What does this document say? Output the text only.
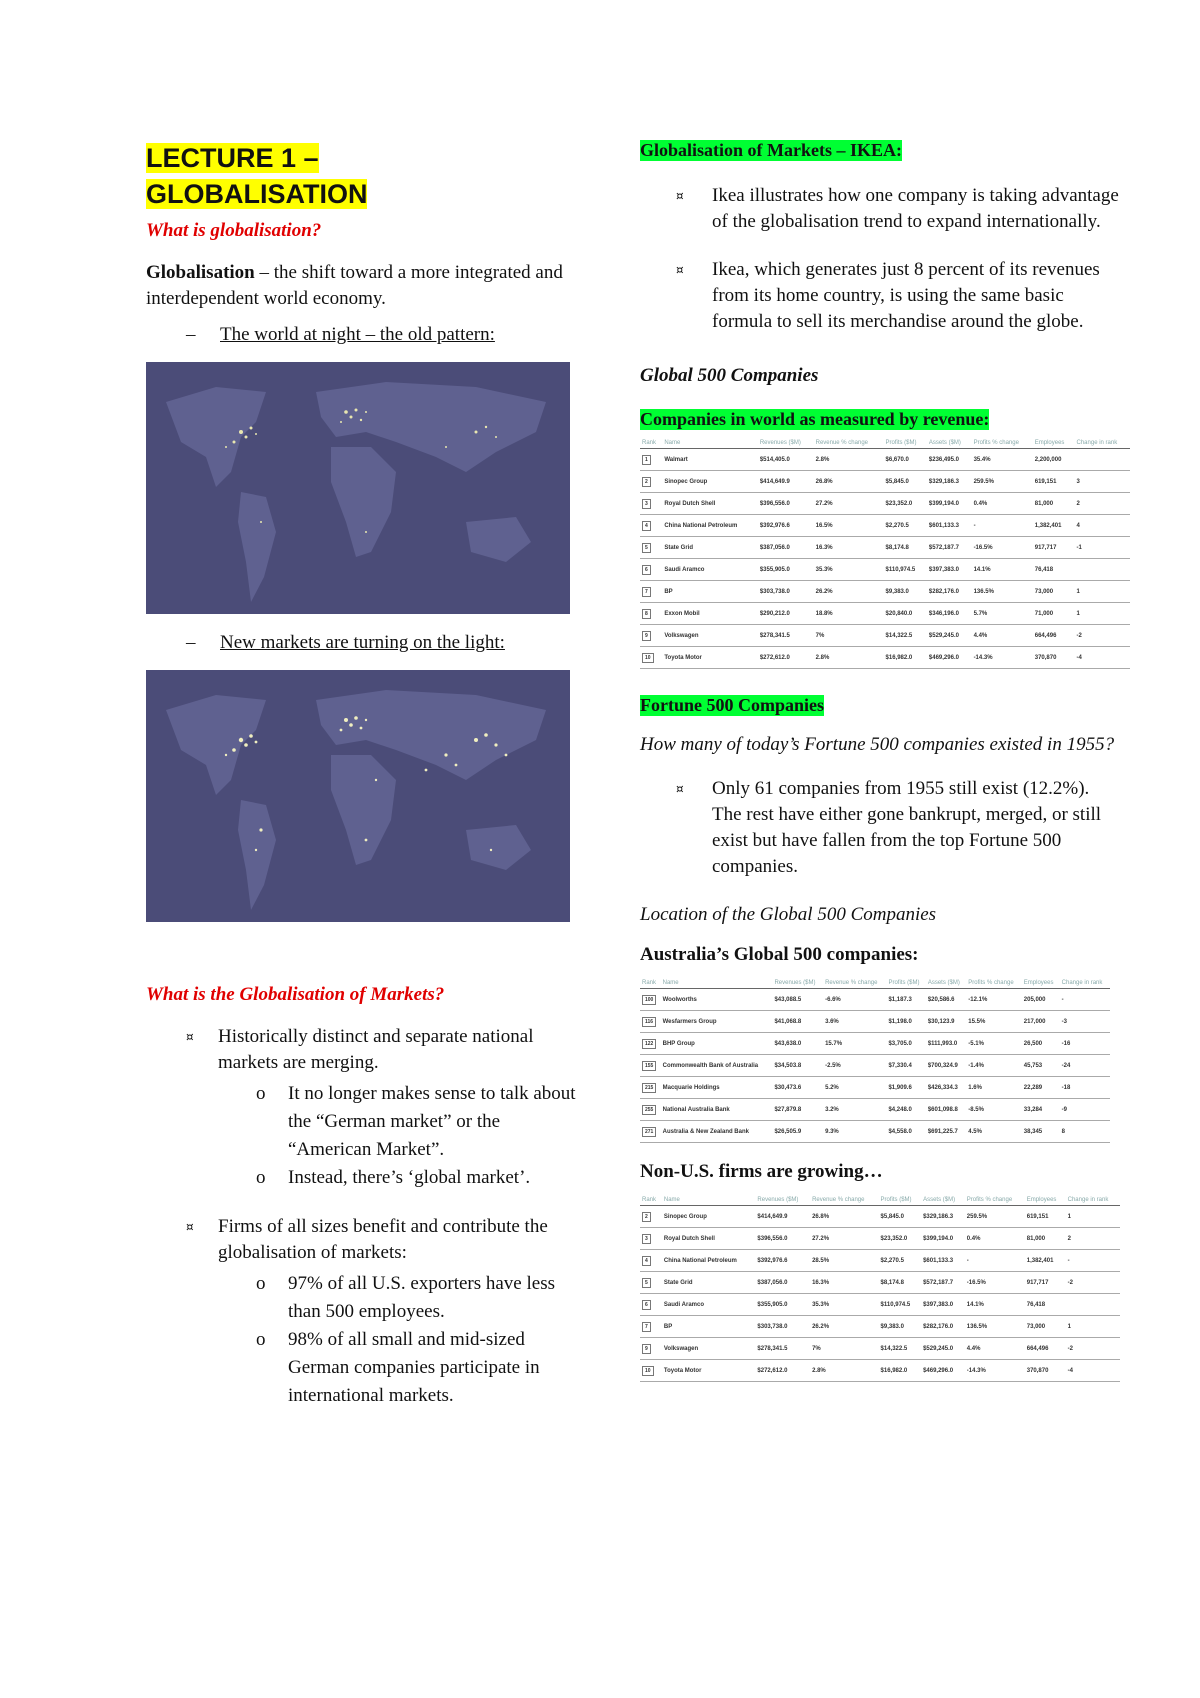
LECTURE 1 –
GLOBALISATION
What is globalisation?

Globalisation – the shift toward a more integrated and interdependent world economy.

–	The world at night – the old pattern:
–	New markets are turning on the light:
What is the Globalisation of Markets?
¤ Historically distinct and separate national markets are merging.
o It no longer makes sense to talk about the “German market” or the “American Market”.
o Instead, there’s ‘global market’.
¤ Firms of all sizes benefit and contribute the globalisation of markets:
o 97% of all U.S. exporters have less than 500 employees.
o 98% of all small and mid-sized German companies participate in international markets.
Globalisation of Markets – IKEA:
¤ Ikea illustrates how one company is taking advantage of the globalisation trend to expand internationally.
¤ Ikea, which generates just 8 percent of its revenues from its home country, is using the same basic formula to sell its merchandise around the globe.
Global 500 Companies
Companies in world as measured by revenue:
Rank	Name	Revenues ($M)	Revenue % change	Profits ($M)	Assets ($M)	Profits % change	Employees	Change in rank
1	Walmart	$514,405.0	2.8%	$6,670.0	$236,495.0	35.4%	2,200,000	
2	Sinopec Group	$414,649.9	26.8%	$5,845.0	$329,186.3	259.5%	619,151	3
3	Royal Dutch Shell	$396,556.0	27.2%	$23,352.0	$399,194.0	0.4%	81,000	2
4	China National Petroleum	$392,976.6	16.5%	$2,270.5	$601,133.3	-	1,382,401	4
5	State Grid	$387,056.0	16.3%	$8,174.8	$572,187.7	-16.5%	917,717	-1
6	Saudi Aramco	$355,905.0	35.3%	$110,974.5	$397,383.0	14.1%	76,418	
7	BP	$303,738.0	26.2%	$9,383.0	$282,176.0	136.5%	73,000	1
8	Exxon Mobil	$290,212.0	18.8%	$20,840.0	$346,196.0	5.7%	71,000	1
9	Volkswagen	$278,341.5	7%	$14,322.5	$529,245.0	4.4%	664,496	-2
10	Toyota Motor	$272,612.0	2.8%	$16,982.0	$469,296.0	-14.3%	370,870	-4
Fortune 500 Companies

How many of today’s Fortune 500 companies existed in 1955?

¤ Only 61 companies from 1955 still exist (12.2%). The rest have either gone bankrupt, merged, or still exist but have fallen from the top Fortune 500 companies.

Location of the Global 500 Companies

Australia’s Global 500 companies:
Rank	Name	Revenues ($M)	Revenue % change	Profits ($M)	Assets ($M)	Profits % change	Employees	Change in rank
100	Woolworths	$43,088.5	-6.6%	$1,187.3	$20,586.6	-12.1%	205,000	-
116	Wesfarmers Group	$41,068.8	3.6%	$1,198.0	$30,123.9	15.5%	217,000	-3
122	BHP Group	$43,638.0	15.7%	$3,705.0	$111,993.0	-5.1%	26,500	-16
155	Commonwealth Bank of Australia	$34,503.8	-2.5%	$7,330.4	$700,324.9	-1.4%	45,753	-24
215	Macquarie Holdings	$30,473.6	5.2%	$1,909.6	$426,334.3	1.6%	22,289	-18
255	National Australia Bank	$27,879.8	3.2%	$4,248.0	$601,098.8	-8.5%	33,284	-9
271	Australia & New Zealand Bank	$26,505.9	9.3%	$4,558.0	$691,225.7	4.5%	38,345	8
Non-U.S. firms are growing…
Rank	Name	Revenues ($M)	Revenue % change	Profits ($M)	Assets ($M)	Profits % change	Employees	Change in rank
2	Sinopec Group	$414,649.9	26.8%	$5,845.0	$329,186.3	259.5%	619,151	1
3	Royal Dutch Shell	$396,556.0	27.2%	$23,352.0	$399,194.0	0.4%	81,000	2
4	China National Petroleum	$392,976.6	28.5%	$2,270.5	$601,133.3	-	1,382,401	-
5	State Grid	$387,056.0	16.3%	$8,174.8	$572,187.7	-16.5%	917,717	-2
6	Saudi Aramco	$355,905.0	35.3%	$110,974.5	$397,383.0	14.1%	76,418	
7	BP	$303,738.0	26.2%	$9,383.0	$282,176.0	136.5%	73,000	1
9	Volkswagen	$278,341.5	7%	$14,322.5	$529,245.0	4.4%	664,496	-2
10	Toyota Motor	$272,612.0	2.8%	$16,982.0	$469,296.0	-14.3%	370,870	-4
